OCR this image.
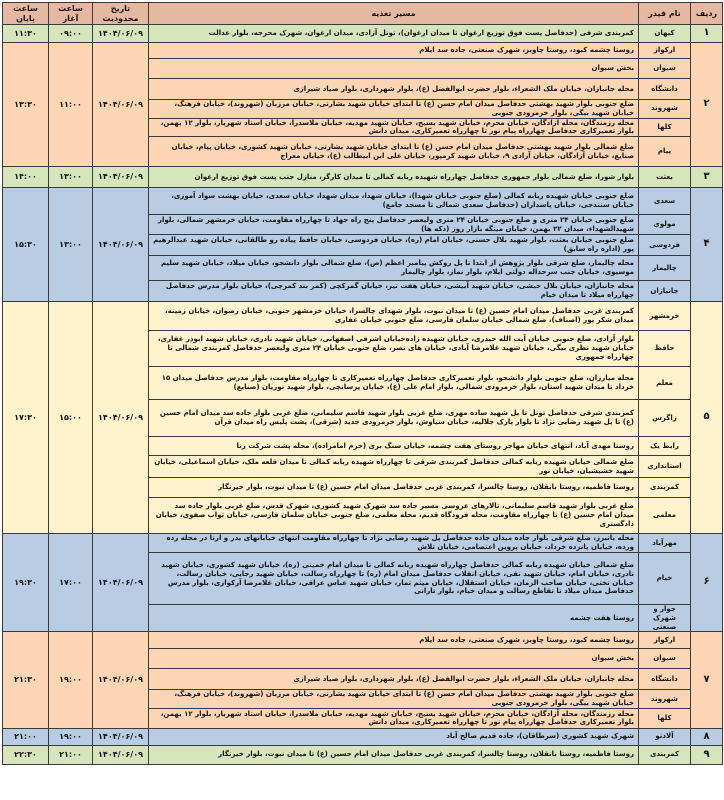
ردیف	نام فیدر	مسیر تغذیه	تاریخ محدودیت	ساعت آغاز	ساعت پایان
۱	کیهان	کمربندی شرقی (حدفاصل پست فوق توزیع ارغوان تا میدان ارغوان)، تونل آزادی، میدان ارغوان، شهرک محرجه، بلوار عدالت	۱۴۰۴/۰۶/۰۹	۰۹:۰۰	۱۱:۳۰
۲	ارکواز	روستا چشمه کبود، روستا چاویز، شهرک صنعتی، جاده سد ایلام	۱۴۰۴/۰۶/۰۹	۱۱:۰۰	۱۳:۳۰
	سیوان	بخش سیوان			
	دانشگاه	محله جانبازان، خیابان ملک الشعراء، بلوار حضرت ابوالفضل (ع)، بلوار شهرداری، بلوار صیاد شیرازی			
	شهروند	ضلع جنوبی بلوار شهید بهشتی حدفاصل میدان امام حسن (ع) تا ابتدای خیابان شهید بشارتی، خیابان مرزبان (شهروند)، خیابان فرهنگ، خیابان شهید بیگی، بلوار خرمرودی جنوبی			
	کلها	محله رزمندگان، محله آزادگان، خیابان محرم، خیابان شهید بسیج، خیابان شهید مهدیه، خیابان ملاسدرا، خیابان استاد شهریار، بلوار ۱۲ بهمن، بلوار تعمیرکاری حدفاصل چهارراه پیام نور تا چهارراه تعمیرکاری، میدان دانش			
	پیام	ضلع شمالی بلوار شهید بهشتی حدفاصل میدان امام حسن (ع) تا ابتدای خیابان شهید بشارتی، خیابان شهید کشوری، خیابان پیام، خیابان صنایع، خیابان آزادگان، خیابان آزادی ۹، خیابان شهید کرمپور، خیابان علی ابن ابیطالب (ع)، خیابان معراج			
۳	بعثت	بلوار شورا، ضلع شمالی بلوار جمهوری حدفاصل چهارراه شهیده ربابه کمالی تا میدان کارگر، منازل جنب پست فوق توزیع ارغوان	۱۴۰۴/۰۶/۰۹	۱۳:۰۰	۱۴:۰۰
۴	سعدی	ضلع جنوبی خیابان شهیده ربابه کمالی (ضلع جنوبی خیابان شهدا)، خیابان شهدا، میدان شهدا، خیابان سعدی، خیابان بهشت سواد آموزی، خیابان سنندجی، خیابان پاسداران (حدفاصل سعدی شمالی تا مسجد جامع)	۱۴۰۴/۰۶/۰۹	۱۳:۰۰	۱۵:۳۰
	مولوی	ضلع جنوبی خیابان ۲۴ متری و ضلع جنوبی خیابان ۲۴ متری ولیعصر حدفاصل پنج راه جهاد تا چهارراه مقاومت، خیابان خرمشهر شمالی، بلوار شهید‌الشهداء، میدان ۲۲ بهمن، خیابان مینگه بازار روز (دکه ها)			
	فردوسی	ضلع جنوبی خیابان بعثت، بلوار شهید بلال حسنی، خیابان امام (ره)، خیابان فردوسی، خیابان حافظ پیاده رو طالقانی، خیابان شهید عبدالرهیم پور (اداره راه سابق)			
	چالیمار	محله چالیمار، ضلع شرقی بلوار پژوهش از ابتدا تا پل روکش پیامبر اعظم (ص)، ضلع شمالی بلوار دانشجو، خیابان میلاد، خیابان شهید سلیم موسیوی، خیابان جنب سرحداله دولتی ایلام، بلوار نماز، بلوار چالیمار			
	جانبازان	محله جانبازان، خیابان بلال حبشی، خیابان شهید آبیشی، خیابان هفت تیر، خیابان گمرکچی (کمر بند کمرچی)، خیابان بلوار مدرس حدفاصل چهارراه میلاد تا میدان خیام			
۵	خرمشهر	کمربندی غربی حدفاصل میدان امام حسین (ع) تا میدان نبوت، بلوار شهدای چالسرا، خیابان خرمشهر جنوبی، خیابان رضوان، خیابان زمینه، میدان شکر پور (اصناف)، ضلع شمالی خیابان سلمان فارسی، ضلع جنوبی خیابان غفاری	۱۴۰۴/۰۶/۰۹	۱۵:۰۰	۱۷:۳۰
	حافظ	بلوار آزادی، ضلع جنوبی خیابان آیت الله حیدری، خیابان شهیده زاده‌خیابان اشرفی اصفهانی، خیابان شهید نادری، خیابان شهید ابوذر غفاری، خیابان شهید نظری بیگی، خیابان شهید غلامرضا آبادی، خیابان های نصر، ضلع جنوبی خیابان ۲۴ متری ولیعصر حدفاصل کمربندی شمالی تا چهارراه جمهوری			
	معلم	محله میارزان، ضلع جنوبی بلوار دانشجو، بلوار تعمیرکاری حدفاصل چهارراه تعمیرکاری تا چهارراه مقاومت، بلوار مدرس حدفاصل میدان ۱۵ خرداد تا میدان شهید استان، بلوار خرمرودی شمالی، بلوار امام علی (ع)، خیابان پرسانچی، بلوار شهید نوریان (صنایع)			
	زاگرس	کمربندی شرقی حدفاصل تونل تا پل شهید ساده مهری، ضلع غربی بلوار شهید قاسم سلیمانی، ضلع غربی بلوار جاده سد میدان امام حسین (ع) تا پل شهید رضایی نژاد تا بلوار پارک جلالیه، خیابان سیاوش، بلوار خرمرودی جدید (شرقی)، پشت پلیس راه میدان قرآن			
	رابط یک	روستا مهدی آباد، انتهای خیابان مهاجر روستای هفت چشمه، خیابان سنگ بری (حرم امامزاده)، محله پشت شرکت رنا			
	استانداری	ضلع شمالی خیابان شهیده ربابه کمالی حدفاصل کمربندی شرقی تا چهارراه شهیده ربابه کمالی تا میدان قلعه ملک، خیابان اسماعیلی، خیابان شهید خشیشیان، خیابان نور			
	کمربندی	روستا فاطمیه، روستا بانقلان، روستا چالسرا، کمربندی غربی حدفاصل میدان امام حسین (ع) تا میدان نبوت، بلوار خیرنگار			
	معلمی	ضلع غربی بلوار شهید قاسم سلیمانی، تالارهای عروسی مسیر جاده سد شهرک شهید کشوری، شهرک قدس، ضلع غربی بلوار جاده سد میدان امام حسین (ع) تا چهارراه مقاومت، محله فرودگاه قدیم، محله معلمی، ضلع جنوبی خیابان سلمان فارسی، خیابان ثواب صفوی، خیابان دادگستری			
۶	مهرآباد	محله بانبرز، ضلع شرقی بلوار جاده میدان جاده حدفاصل پل شهید رضایی نژاد تا چهارراه مقاومت انتهای خیابانهای بدر و آرنا در محله رده ورده، خیابان پانزده خرداد، خیابان پروین اعتصامی، خیابان تلاش	۱۴۰۴/۰۶/۰۹	۱۷:۰۰	۱۹:۳۰
	خیام	ضلع شمالی خیابان شهیده ربابه کمالی حدفاصل چهارراه شهیده ربابه کمالی تا میدان امام خمینی (ره)، خیابان شهید کشوری، خیابان شهید نادری، خیابان امام، خیابان شهید نقی، خیابان انقلاب حدفاصل میدان امام (ره) تا چهارراه رسالت، خیابان شهید رجایی، خیابان رسالت، خیابان تختی، خیابان صاحب الزمان، خیابان استقلال، خیابان میثم تمار، خیابان شهید عباس عراقی، خیابان غلامرضا آرکوازی، بلوار مدرس حدفاصل میدان میلاد تا تقاطع رسالت و میدان خیام، بلوار تارانی			
	جوار و شهرک صنعتی	روستا هفت چشمه			
۷	ارکواز	روستا چشمه کبود، روستا چاویز، شهرک صنعتی، جاده سد ایلام	۱۴۰۴/۰۶/۰۹	۱۹:۰۰	۲۱:۳۰
	سیوان	بخش سیوان			
	دانشگاه	محله جانبازان، خیابان ملک الشعراء، بلوار حضرت ابوالفضل (ع)، بلوار شهرداری، بلوار صیاد شیرازی			
	شهروند	ضلع جنوبی بلوار شهید بهشتی حدفاصل میدان امام حسن (ع) تا ابتدای خیابان شهید بشارتی، خیابان مرزبان (شهروند)، خیابان فرهنگ، خیابان شهید بیگی، بلوار خرمرودی جنوبی			
	کلها	محله رزمندگان، محله آزادگان، خیابان محرم، خیابان شهید بسیج، خیابان شهید مهدیه، خیابان ملاسدرا، خیابان استاد شهریار، بلوار ۱۲ بهمن، بلوار تعمیرکاری حدفاصل چهارراه پیام نور تا چهارراه تعمیرکاری، میدان دانش			
۸	آلادنو	شهرک شهید کشوری (سرطاقان)، جاده قدیم صالح آباد	۱۴۰۴/۰۶/۰۹	۱۹:۰۰	۲۱:۰۰
۹	کمربندی	روستا فاطمیه، روستا بانقلان، روستا چالسرا، کمربندی غربی حدفاصل میدان امام حسین (ع) تا میدان نبوت، بلوار خیرنگار	۱۴۰۴/۰۶/۰۹	۲۱:۰۰	۲۲:۳۰
